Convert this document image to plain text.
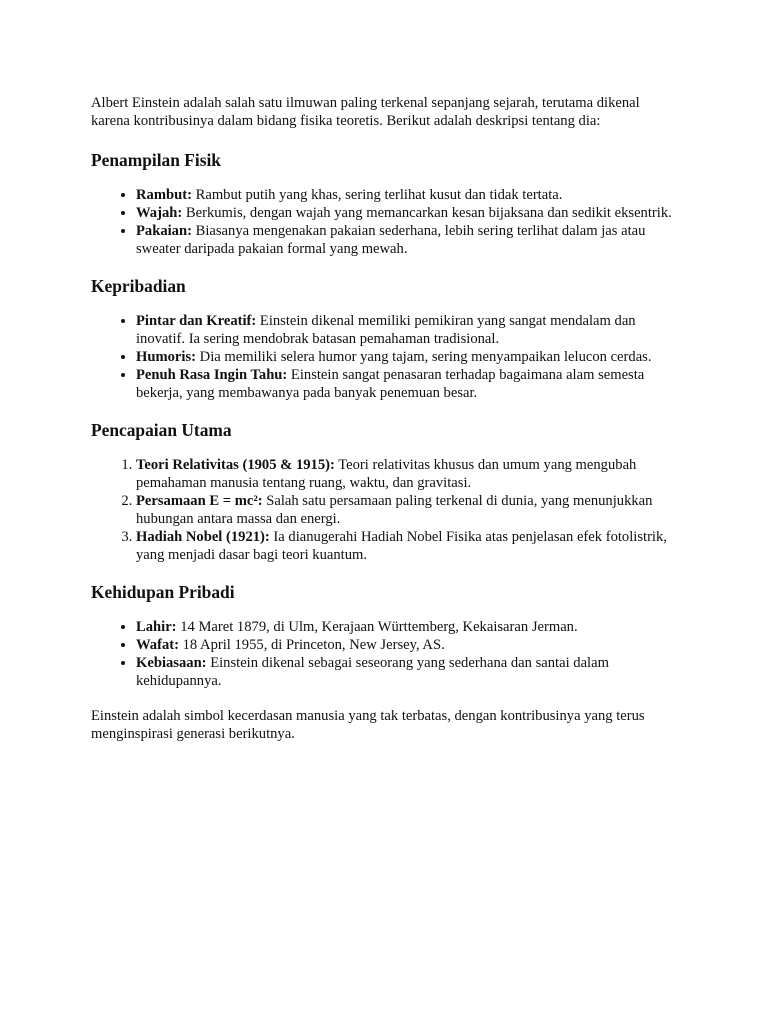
Albert Einstein adalah salah satu ilmuwan paling terkenal sepanjang sejarah, terutama dikenal karena kontribusinya dalam bidang fisika teoretis. Berikut adalah deskripsi tentang dia:

Penampilan Fisik
• Rambut: Rambut putih yang khas, sering terlihat kusut dan tidak tertata.
• Wajah: Berkumis, dengan wajah yang memancarkan kesan bijaksana dan sedikit eksentrik.
• Pakaian: Biasanya mengenakan pakaian sederhana, lebih sering terlihat dalam jas atau sweater daripada pakaian formal yang mewah.
Kepribadian
• Pintar dan Kreatif: Einstein dikenal memiliki pemikiran yang sangat mendalam dan inovatif. Ia sering mendobrak batasan pemahaman tradisional.
• Humoris: Dia memiliki selera humor yang tajam, sering menyampaikan lelucon cerdas.
• Penuh Rasa Ingin Tahu: Einstein sangat penasaran terhadap bagaimana alam semesta bekerja, yang membawanya pada banyak penemuan besar.
Pencapaian Utama
1. Teori Relativitas (1905 & 1915): Teori relativitas khusus dan umum yang mengubah pemahaman manusia tentang ruang, waktu, dan gravitasi.
2. Persamaan E = mc²: Salah satu persamaan paling terkenal di dunia, yang menunjukkan hubungan antara massa dan energi.
3. Hadiah Nobel (1921): Ia dianugerahi Hadiah Nobel Fisika atas penjelasan efek fotolistrik, yang menjadi dasar bagi teori kuantum.
Kehidupan Pribadi
• Lahir: 14 Maret 1879, di Ulm, Kerajaan Württemberg, Kekaisaran Jerman.
• Wafat: 18 April 1955, di Princeton, New Jersey, AS.
• Kebiasaan: Einstein dikenal sebagai seseorang yang sederhana dan santai dalam kehidupannya.

Einstein adalah simbol kecerdasan manusia yang tak terbatas, dengan kontribusinya yang terus menginspirasi generasi berikutnya.
